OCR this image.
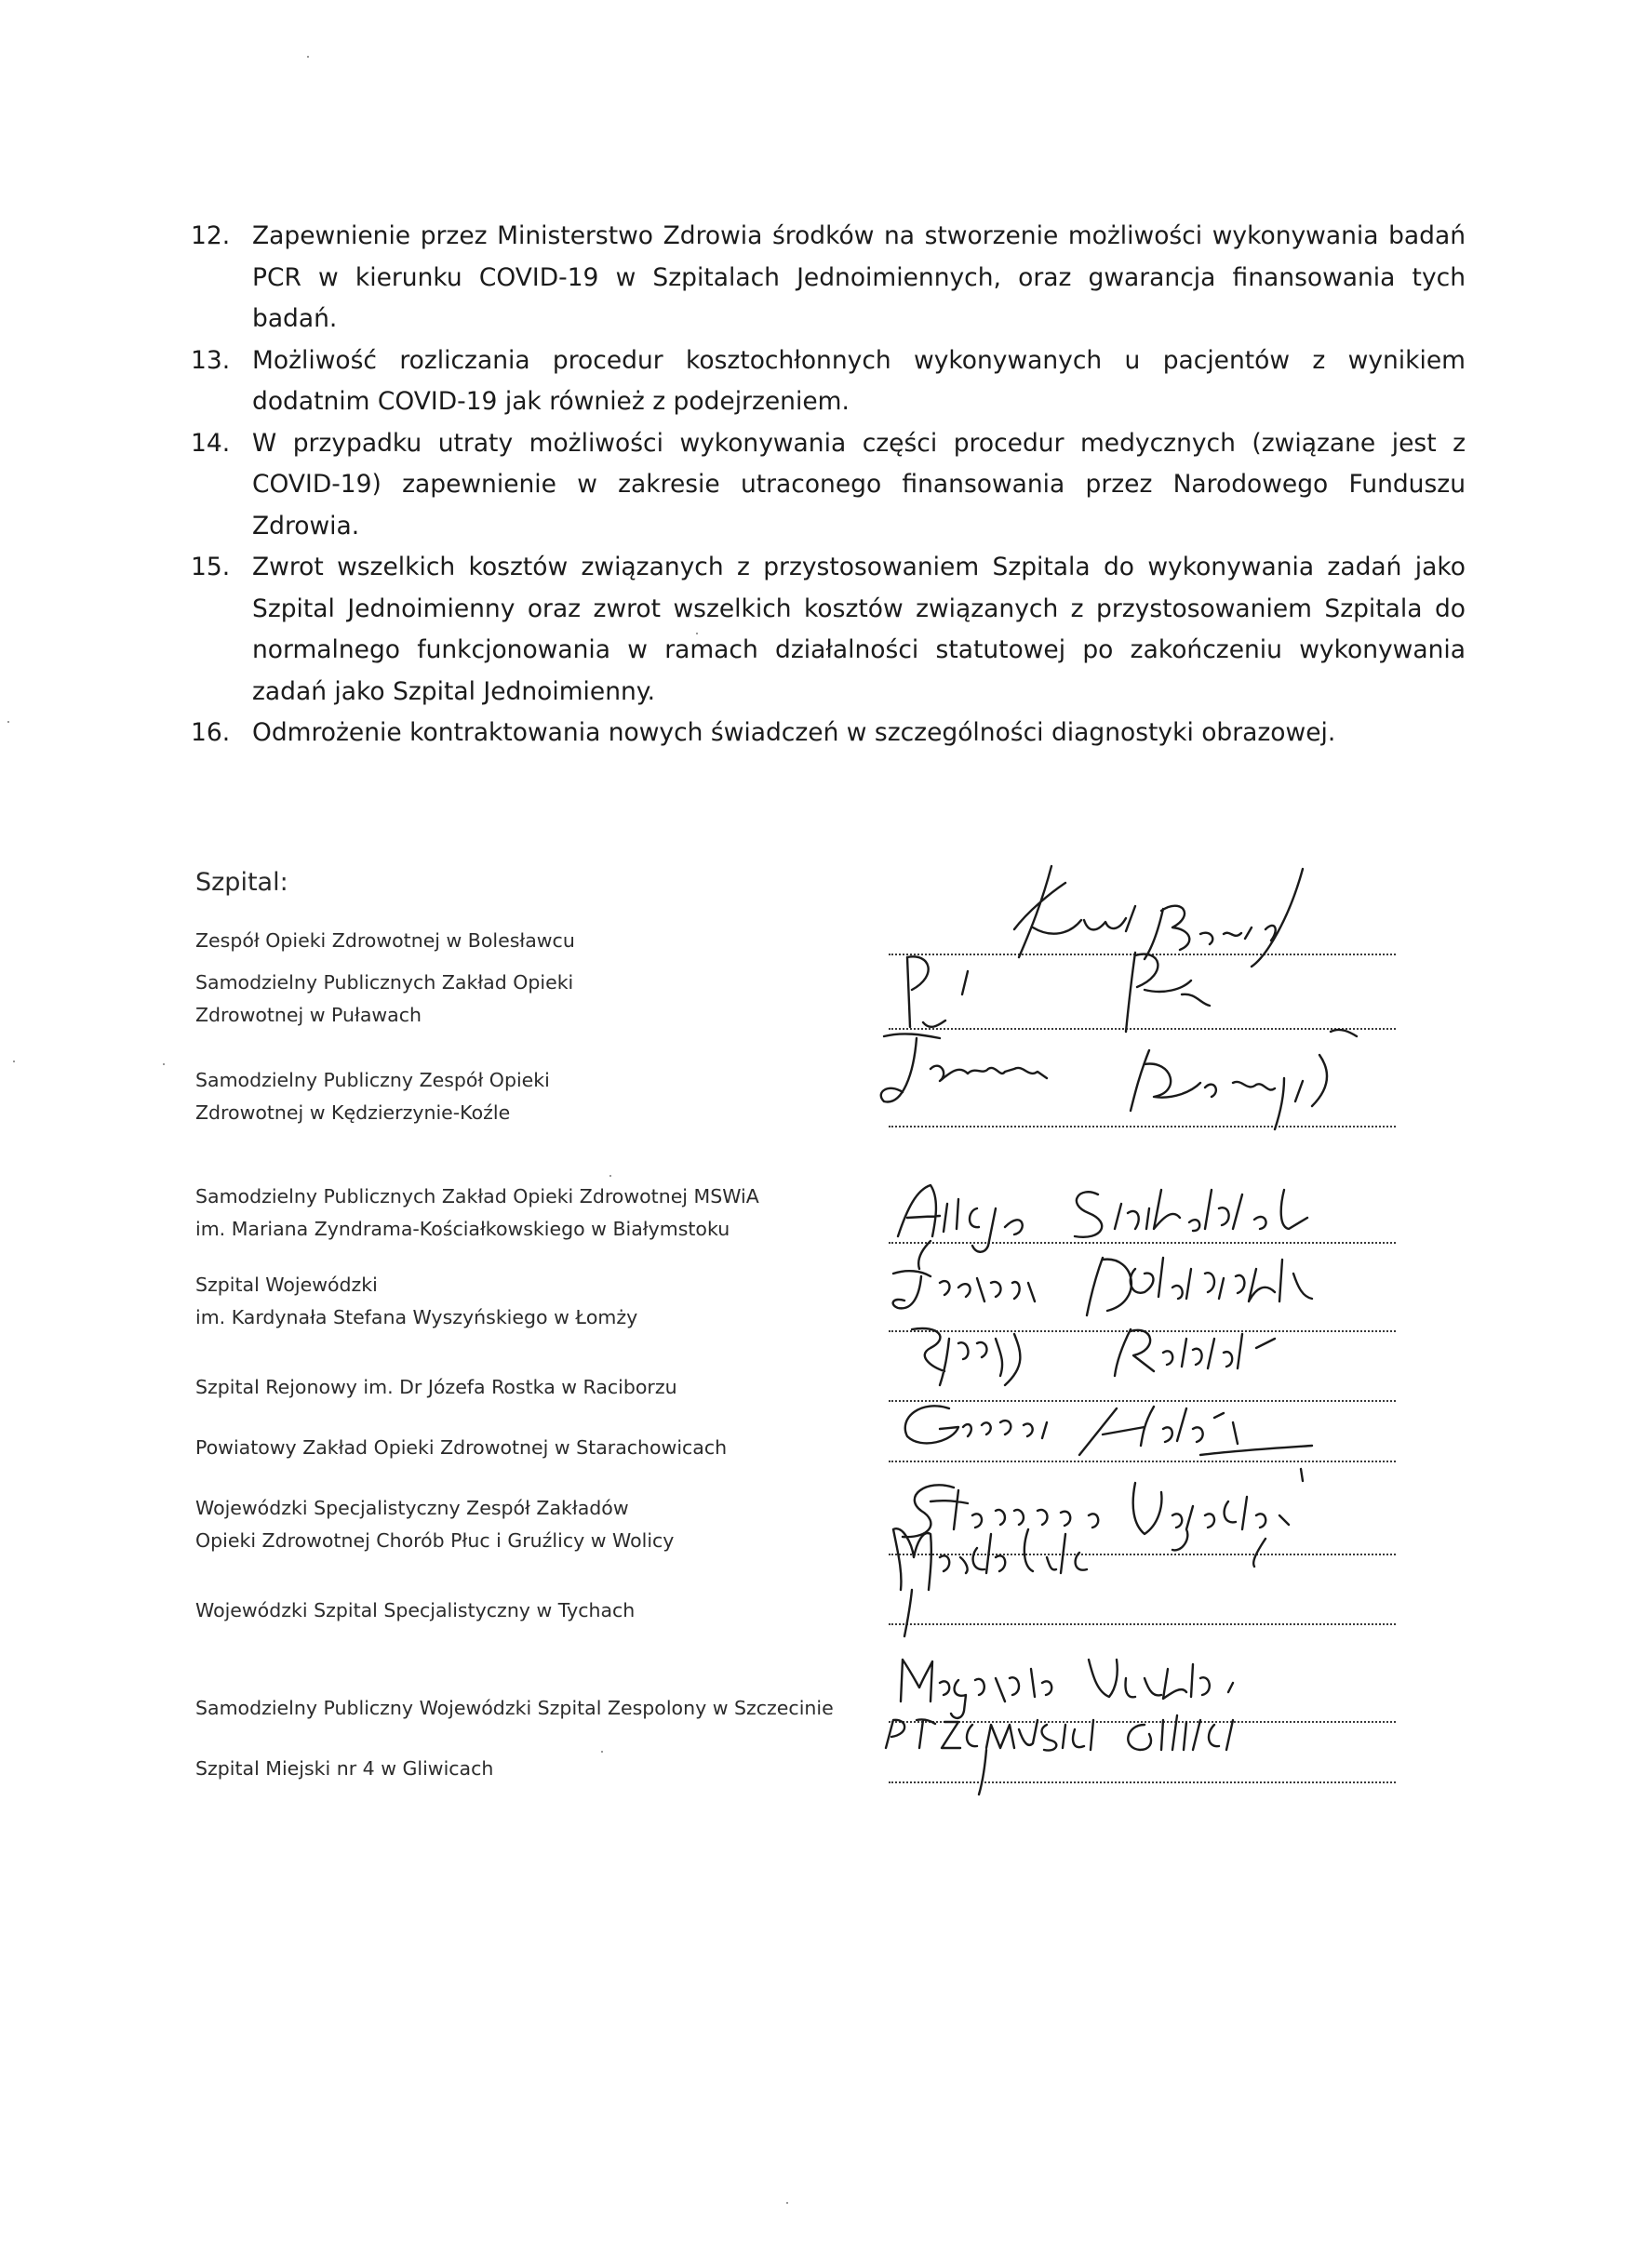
12. Zapewnienie przez Ministerstwo Zdrowia środków na stworzenie możliwości wykonywania badań PCR w kierunku COVID-19 w Szpitalach Jednoimiennych, oraz gwarancja finansowania tych badań.
13. Możliwość rozliczania procedur kosztochłonnych wykonywanych u pacjentów z wynikiem dodatnim COVID-19 jak również z podejrzeniem.
14. W przypadku utraty możliwości wykonywania części procedur medycznych (związane jest z COVID-19) zapewnienie w zakresie utraconego finansowania przez Narodowego Funduszu Zdrowia.
15. Zwrot wszelkich kosztów związanych z przystosowaniem Szpitala do wykonywania zadań jako Szpital Jednoimienny oraz zwrot wszelkich kosztów związanych z przystosowaniem Szpitala do normalnego funkcjonowania w ramach działalności statutowej po zakończeniu wykonywania zadań jako Szpital Jednoimienny.
16. Odmrożenie kontraktowania nowych świadczeń w szczególności diagnostyki obrazowej.
Szpital:
Zespół Opieki Zdrowotnej w Bolesławcu
Samodzielny Publicznych Zakład Opieki
Zdrowotnej w Puławach
Samodzielny Publiczny Zespół Opieki
Zdrowotnej w Kędzierzynie-Koźle
Samodzielny Publicznych Zakład Opieki Zdrowotnej MSWiA
im. Mariana Zyndrama-Kościałkowskiego w Białymstoku
Szpital Wojewódzki
im. Kardynała Stefana Wyszyńskiego w Łomży
Szpital Rejonowy im. Dr Józefa Rostka w Raciborzu
Powiatowy Zakład Opieki Zdrowotnej w Starachowicach
Wojewódzki Specjalistyczny Zespół Zakładów
Opieki Zdrowotnej Chorób Płuc i Gruźlicy w Wolicy
Wojewódzki Szpital Specjalistyczny w Tychach
Samodzielny Publiczny Wojewódzki Szpital Zespolony w Szczecinie
Szpital Miejski nr 4 w Gliwicach
